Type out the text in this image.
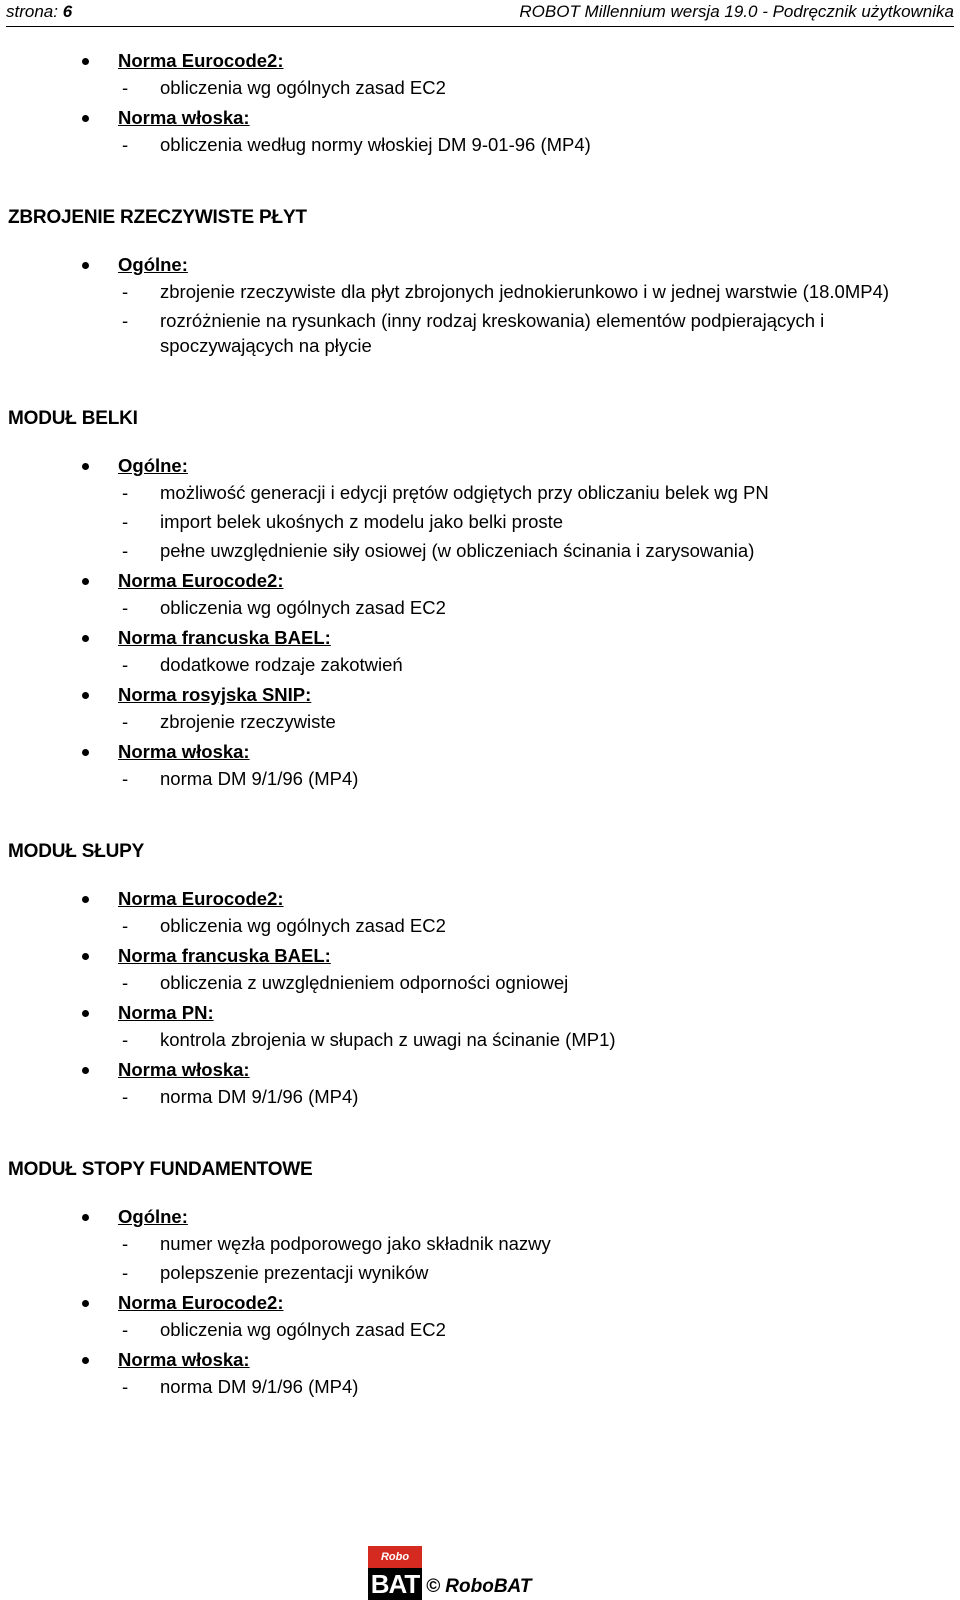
strona: 6	ROBOT Millennium wersja 19.0 - Podręcznik użytkownika
Norma Eurocode2:
- obliczenia wg ogólnych zasad EC2
Norma włoska:
- obliczenia według normy włoskiej DM 9-01-96 (MP4)
ZBROJENIE RZECZYWISTE PŁYT
Ogólne:
- zbrojenie rzeczywiste dla płyt zbrojonych jednokierunkowo i w jednej warstwie (18.0MP4)
- rozróżnienie na rysunkach (inny rodzaj kreskowania) elementów podpierających i spoczywających na płycie
MODUŁ BELKI
Ogólne:
- możliwość generacji i edycji prętów odgiętych przy obliczaniu belek wg PN
- import belek ukośnych z modelu jako belki proste
- pełne uwzględnienie siły osiowej (w obliczeniach ścinania i zarysowania)
Norma Eurocode2:
- obliczenia wg ogólnych zasad EC2
Norma francuska BAEL:
- dodatkowe rodzaje zakotwień
Norma rosyjska SNIP:
- zbrojenie rzeczywiste
Norma włoska:
- norma DM 9/1/96 (MP4)
MODUŁ SŁUPY
Norma Eurocode2:
- obliczenia wg ogólnych zasad EC2
Norma francuska BAEL:
- obliczenia z uwzględnieniem odporności ogniowej
Norma PN:
- kontrola zbrojenia w słupach z uwagi na ścinanie (MP1)
Norma włoska:
- norma DM 9/1/96 (MP4)
MODUŁ STOPY FUNDAMENTOWE
Ogólne:
- numer węzła podporowego jako składnik nazwy
- polepszenie prezentacji wyników
Norma Eurocode2:
- obliczenia wg ogólnych zasad EC2
Norma włoska:
- norma DM 9/1/96 (MP4)
Robo
BAT © RoboBAT
